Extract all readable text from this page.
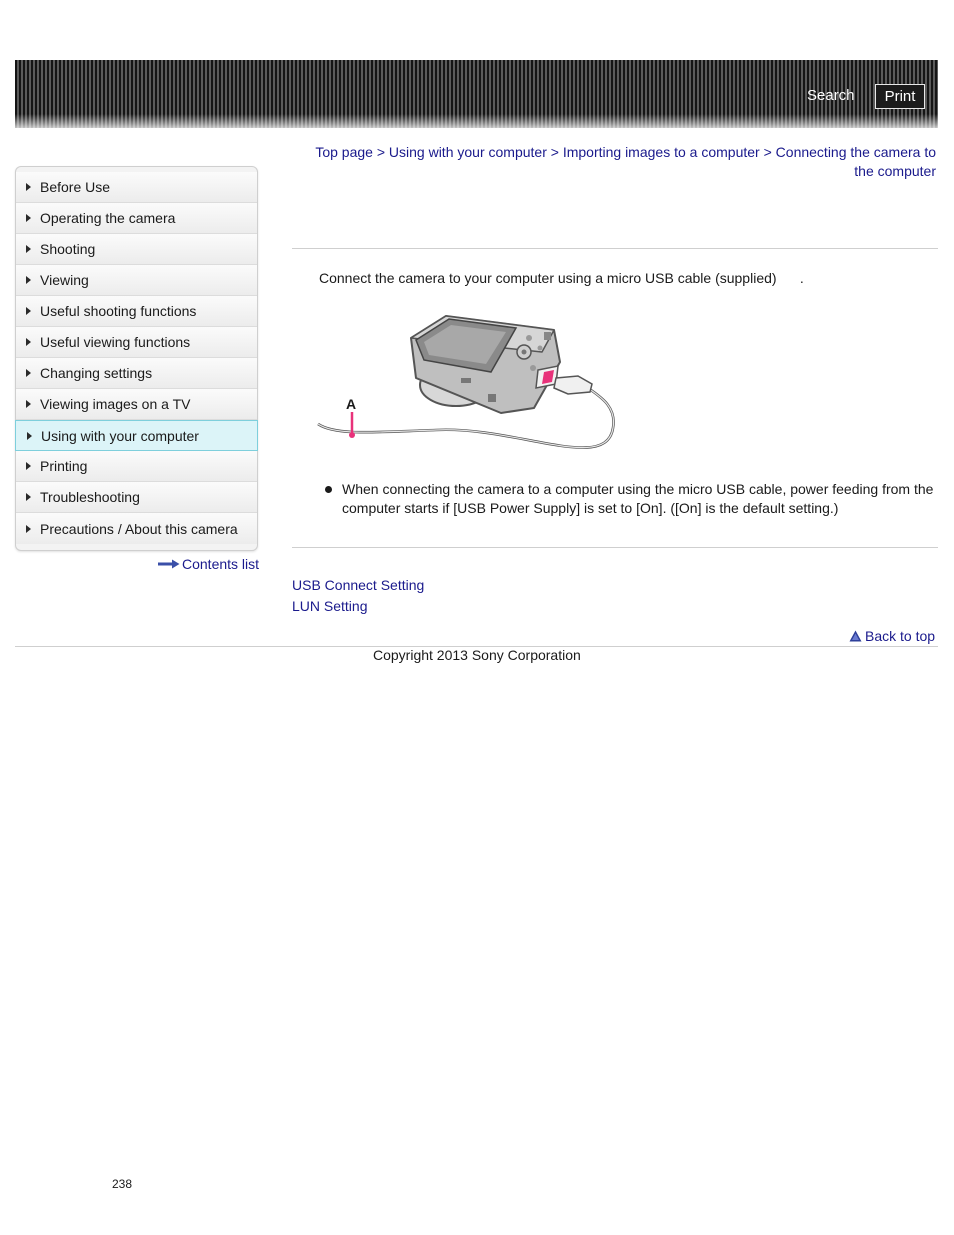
Search	Print
Before Use
Operating the camera
Shooting
Viewing
Useful shooting functions
Useful viewing functions
Changing settings
Viewing images on a TV
Using with your computer
Printing
Troubleshooting
Precautions / About this camera
Contents list
Top page > Using with your computer > Importing images to a computer > Connecting the camera to the computer
Connect the camera to your computer using a micro USB cable (supplied)      .
A
When connecting the camera to a computer using the micro USB cable, power feeding from the computer starts if [USB Power Supply] is set to [On]. ([On] is the default setting.)
USB Connect Setting
LUN Setting
Back to top
Copyright 2013 Sony Corporation
238
